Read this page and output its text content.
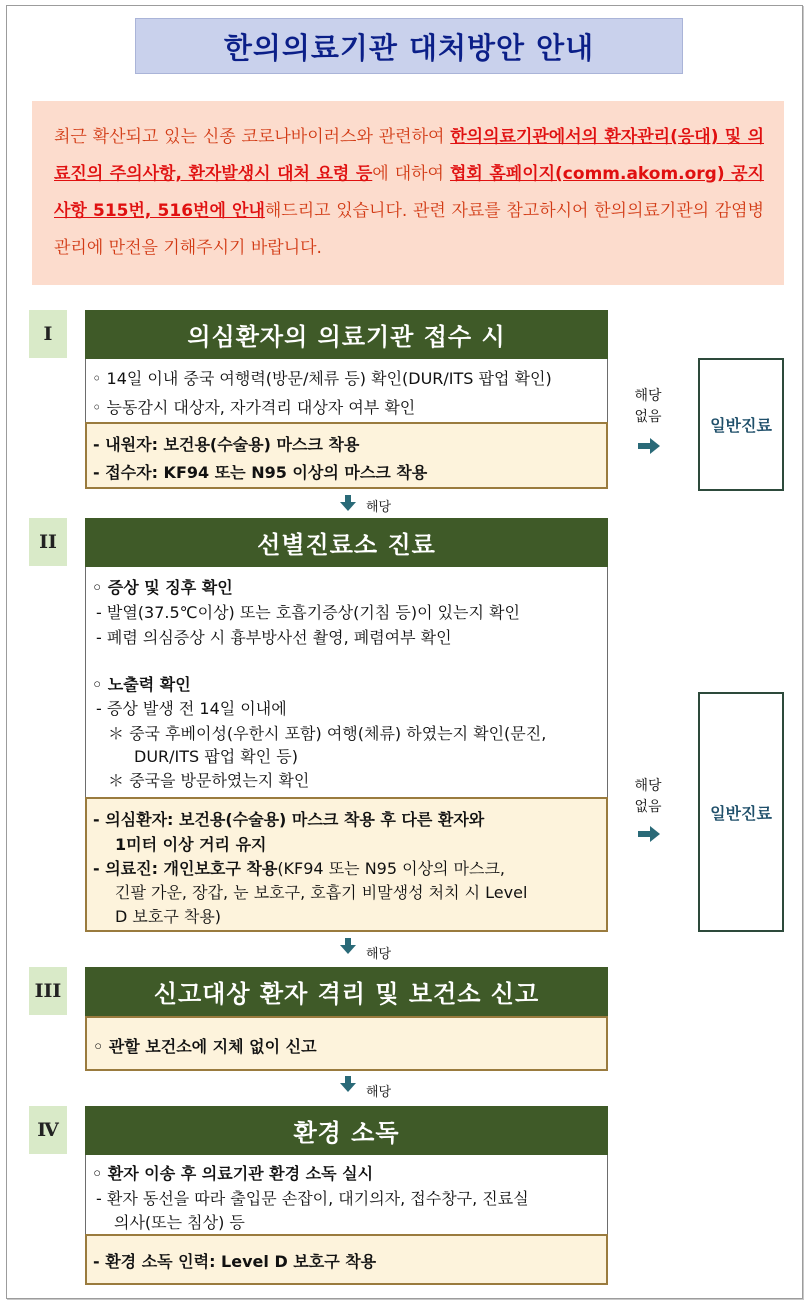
한의의료기관 대처방안 안내
최근 확산되고 있는 신종 코로나바이러스와 관련하여 한의의료기관에서의 환자관리(응대) 및 의료진의 주의사항, 환자발생시 대처 요령 등에 대하여 협회 홈페이지(comm.akom.org) 공지사항 515번, 516번에 안내해드리고 있습니다. 관련 자료를 참고하시어 한의의료기관의 감염병 관리에 만전을 기해주시기 바랍니다.
I	의심환자의 의료기관 접수 시
◦ 14일 이내 중국 여행력(방문/체류 등) 확인(DUR/ITS 팝업 확인)
◦ 능동감시 대상자, 자가격리 대상자 여부 확인
- 내원자: 보건용(수술용) 마스크 착용
- 접수자: KF94 또는 N95 이상의 마스크 착용
해당
해당
없음	일반진료
II	선별진료소 진료
◦ 증상 및 징후 확인
- 발열(37.5℃이상) 또는 호흡기증상(기침 등)이 있는지 확인
- 폐렴 의심증상 시 흉부방사선 촬영, 폐렴여부 확인
◦ 노출력 확인
- 증상 발생 전 14일 이내에
＊ 중국 후베이성(우한시 포함) 여행(체류) 하였는지 확인(문진,
DUR/ITS 팝업 확인 등)
＊ 중국을 방문하였는지 확인
- 의심환자: 보건용(수술용) 마스크 착용 후 다른 환자와
1미터 이상 거리 유지
- 의료진: 개인보호구 착용(KF94 또는 N95 이상의 마스크,
긴팔 가운, 장갑, 눈 보호구, 호흡기 비말생성 처치 시 Level
D 보호구 착용)
해당
없음	일반진료
해당
III	신고대상 환자 격리 및 보건소 신고
◦ 관할 보건소에 지체 없이 신고
해당
Ⅳ	환경 소독
◦ 환자 이송 후 의료기관 환경 소독 실시
- 환자 동선을 따라 출입문 손잡이, 대기의자, 접수창구, 진료실
의사(또는 침상) 등
- 환경 소독 인력: Level D 보호구 착용
